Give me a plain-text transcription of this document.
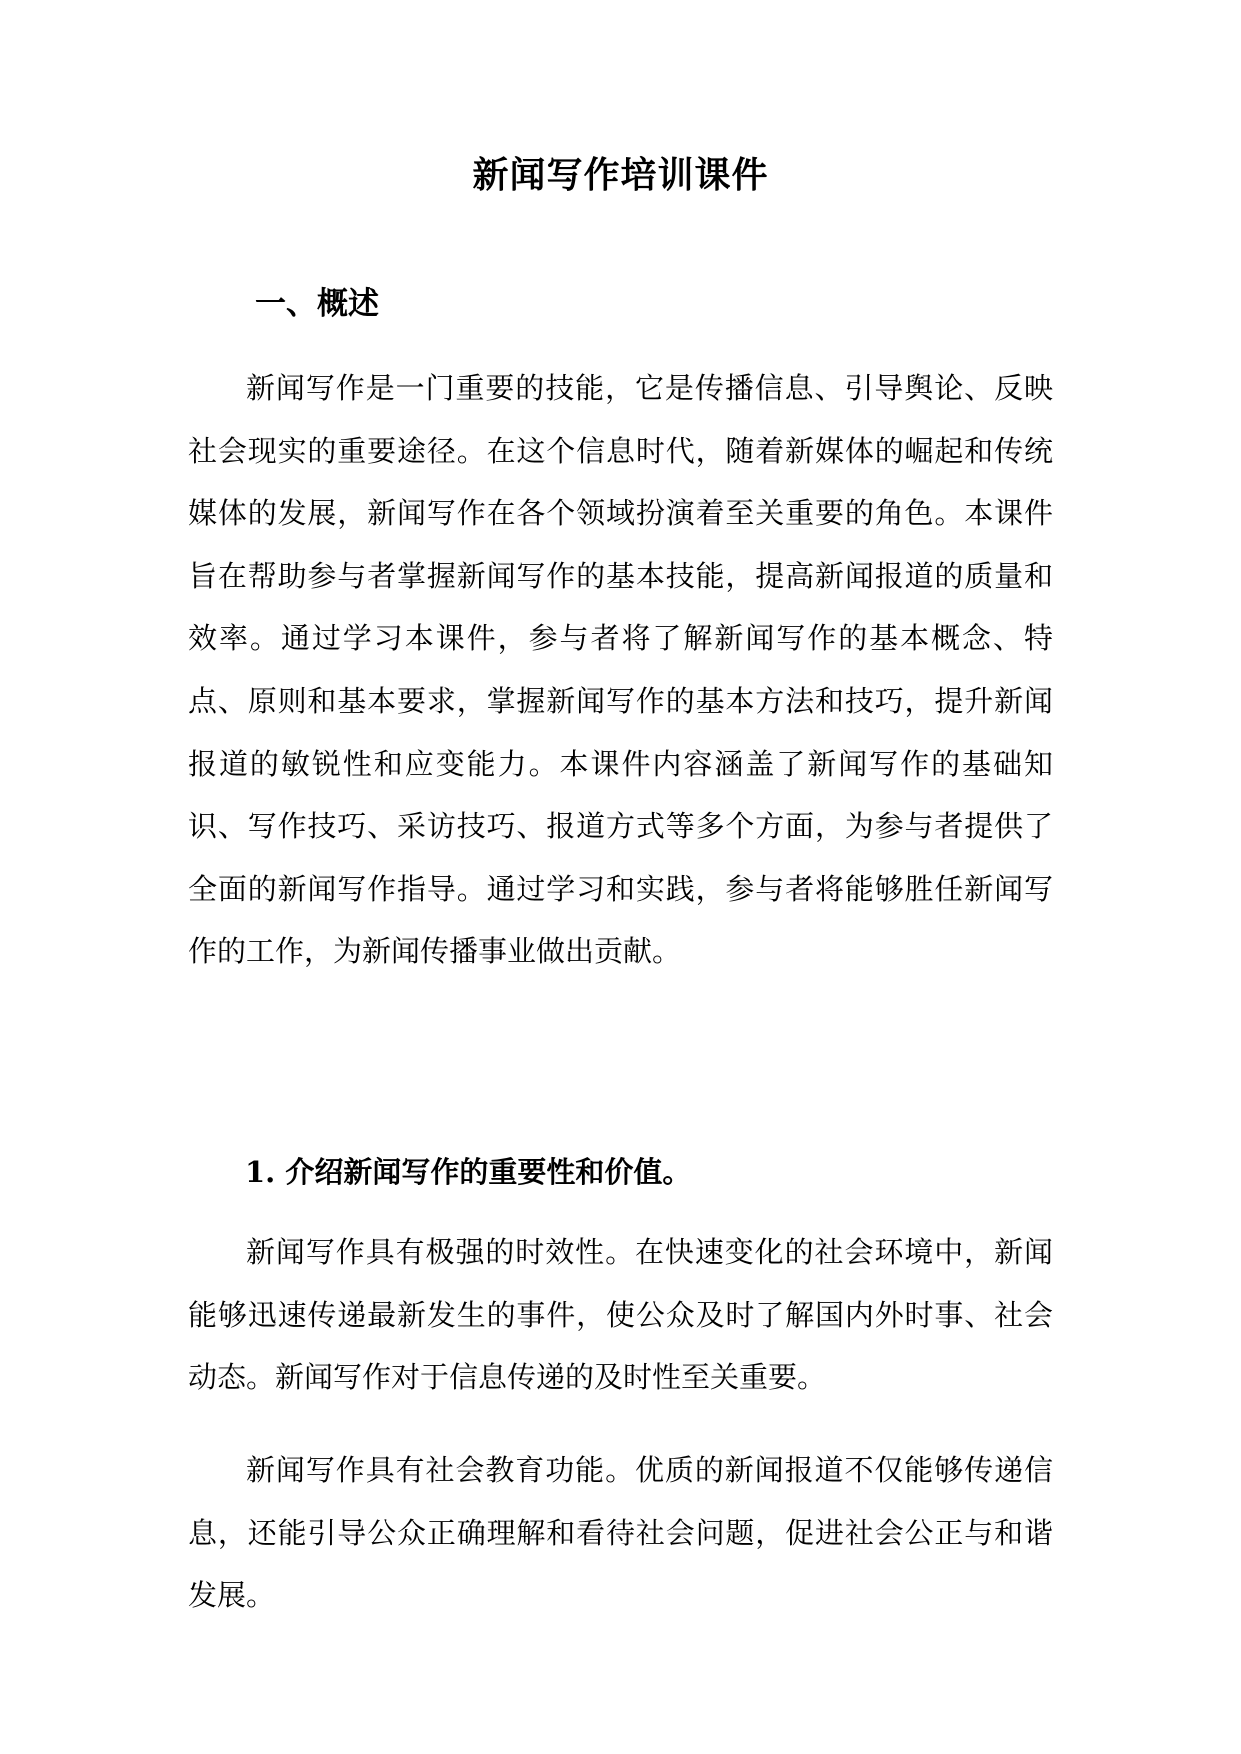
新闻写作培训课件
一、概述

新闻写作是一门重要的技能，它是传播信息、引导舆论、反映社会现实的重要途径。在这个信息时代，随着新媒体的崛起和传统媒体的发展，新闻写作在各个领域扮演着至关重要的角色。本课件旨在帮助参与者掌握新闻写作的基本技能，提高新闻报道的质量和效率。通过学习本课件，参与者将了解新闻写作的基本概念、特点、原则和基本要求，掌握新闻写作的基本方法和技巧，提升新闻报道的敏锐性和应变能力。本课件内容涵盖了新闻写作的基础知识、写作技巧、采访技巧、报道方式等多个方面，为参与者提供了全面的新闻写作指导。通过学习和实践，参与者将能够胜任新闻写作的工作，为新闻传播事业做出贡献。

1. 介绍新闻写作的重要性和价值。

新闻写作具有极强的时效性。在快速变化的社会环境中，新闻能够迅速传递最新发生的事件，使公众及时了解国内外时事、社会动态。新闻写作对于信息传递的及时性至关重要。

新闻写作具有社会教育功能。优质的新闻报道不仅能够传递信息，还能引导公众正确理解和看待社会问题，促进社会公正与和谐发展。
